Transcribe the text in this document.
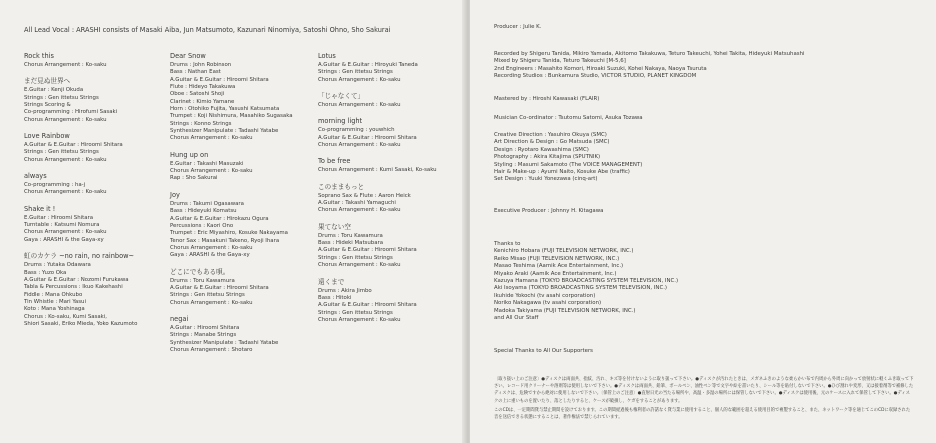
All Lead Vocal : ARASHI consists of Masaki Aiba, Jun Matsumoto, Kazunari Ninomiya, Satoshi Ohno, Sho Sakurai
Rock this
Chorus Arrangement : Ko-saku
まだ見ぬ世界へ
E.Guitar : Kenji Okuda
Strings : Gen ittetsu Strings
Strings Scoring &
Co-programming : Hirofumi Sasaki
Chorus Arrangement : Ko-saku
Love Rainbow
A.Guitar & E.Guitar : Hiroomi Shitara
Strings : Gen ittetsu Strings
Chorus Arrangement : Ko-saku
always
Co-programming : ha-j
Chorus Arrangement : Ko-saku
Shake it !
E.Guitar : Hiroomi Shitara
Turntable : Katsumi Nomura
Chorus Arrangement : Ko-saku
Gaya : ARASHI & the Gaya-xy
虹のカケラ ~no rain, no rainbow~
Drums : Yutaka Odawara
Bass : Yuzo Oka
A.Guitar & E.Guitar : Nozomi Furukawa
Tabla & Percussions : Ikuo Kakehashi
Fiddle : Mana Ohkubo
Tin Whistle : Mari Yasui
Koto : Mana Yoshinaga
Chorus : Ko-saku, Kumi Sasaki,
Shiori Sasaki, Eriko Mieda, Yoko Kazumoto
Dear Snow
Drums : John Robinson
Bass : Nathan East
A.Guitar & E.Guitar : Hiroomi Shitara
Flute : Hideyo Takakuwa
Oboe : Satoshi Shoji
Clarinet : Kimio Yamane
Horn : Otohiko Fujita, Yasushi Katsumata
Trumpet : Koji Nishimura, Masahiko Sugasaka
Strings : Konno Strings
Synthesizer Manipulate : Tadashi Yatabe
Chorus Arrangement : Ko-saku
Hung up on
E.Guitar : Takashi Masuzaki
Chorus Arrangement : Ko-saku
Rap : Sho Sakurai
Joy
Drums : Takumi Ogasawara
Bass : Hideyuki Komatsu
A.Guitar & E.Guitar : Hirokazu Ogura
Percussions : Kaori Ono
Trumpet : Eric Miyashiro, Kosuke Nakayama
Tenor Sax : Masakuni Takeno, Ryoji Ihara
Chorus Arrangement : Ko-saku
Gaya : ARASHI & the Gaya-xy
どこにでもある唄。
Drums : Toru Kawamura
A.Guitar & E.Guitar : Hiroomi Shitara
Strings : Gen ittetsu Strings
Chorus Arrangement : Ko-saku
negai
A.Guitar : Hiroomi Shitara
Strings : Manabe Strings
Synthesizer Manipulate : Tadashi Yatabe
Chorus Arrangement : Shotaro
Lotus
A.Guitar & E.Guitar : Hiroyuki Taneda
Strings : Gen ittetsu Strings
Chorus Arrangement : Ko-saku
「じゃなくて」
Chorus Arrangement : Ko-saku
morning light
Co-programming : youwhich
A.Guitar & E.Guitar : Hiroomi Shitara
Chorus Arrangement : Ko-saku
To be free
Chorus Arrangement : Kumi Sasaki, Ko-saku
このままもっと
Soprano Sax & Flute : Aaron Heick
A.Guitar : Takashi Yamaguchi
Chorus Arrangement : Ko-saku
果てない空
Drums : Toru Kawamura
Bass : Hideki Matsubara
A.Guitar & E.Guitar : Hiroomi Shitara
Strings : Gen ittetsu Strings
Chorus Arrangement : Ko-saku
遠くまで
Drums : Akira Jimbo
Bass : Hitoki
A.Guitar & E.Guitar : Hiroomi Shitara
Strings : Gen ittetsu Strings
Chorus Arrangement : Ko-saku
Producer : Julie K.
Recorded by Shigeru Tanida, Mikiro Yamada, Akitomo Takakuwa, Teturo Takeuchi, Yohei Takita, Hideyuki Matsuhashi
Mixed by Shigeru Tanida, Teturo Takeuchi [M-5,6]
2nd Engineers : Masahito Komori, Hiroaki Suzuki, Kohei Nakaya, Naoya Tsuruta
Recording Studios : Bunkamura Studio, VICTOR STUDIO, PLANET KINGDOM
Mastered by : Hiroshi Kawasaki (FLAIR)
Musician Co-ordinator : Tsutomu Satomi, Asuka Tozawa
Creative Direction : Yasuhiro Okuya (SMC)
Art Direction & Design : Go Matsuda (SMC)
Design : Ryotaro Kawashima (SMC)
Photography : Akira Kitajima (SPUTNIK)
Styling : Masumi Sakamoto (The VOICE MANAGEMENT)
Hair & Make-up : Ayumi Naito, Kosuke Abe (traffic)
Set Design : Yuuki Yonezawa (cinq-art)
Executive Producer : Johnny H. Kitagawa
Thanks to
Kenichiro Hobara (FUJI TELEVISION NETWORK, INC.)
Reiko Misao (FUJI TELEVISION NETWORK, INC.)
Masao Teshima (Aamik Ace Entertainment, Inc.)
Miyako Araki (Aamik Ace Entertainment, Inc.)
Kazuya Hamana (TOKYO BROADCASTING SYSTEM TELEVISION, INC.)
Aki Isoyama (TOKYO BROADCASTING SYSTEM TELEVISION, INC.)
Ikuhide Yokochi (tv asahi corporation)
Noriko Nakagawa (tv asahi corporation)
Madoka Takiyama (FUJI TELEVISION NETWORK, INC.)
and All Our Staff
Special Thanks to All Our Supporters
〔取り扱い上のご注意〕●ディスクは両面共、指紋、汚れ、キズ等を付けないように取り扱って下さい。●ディスクが汚れたときは、メガネふきのような柔らかい布で内周から外周に向かって放射状に軽くふき取って下さい。レコード用クリーナーや溶剤等は使用しないで下さい。●ディスクは両面共、鉛筆、ボールペン、油性ペン等で文字や絵を書いたり、シール等を貼付しないで下さい。●ひび割れや変形、又は接着剤等で補修したディスクは、危険ですから絶対に使用しないで下さい。〔保管上のご注意〕●直射日光の当たる場所や、高温・多湿の場所には保管しないで下さい。●ディスクは使用後、元のケースに入れて保管して下さい。●ディスクの上に重いものを置いたり、落としたりすると、ケースが破損し、ケガをすることがあります。
このCDは、一定期間貸与禁止期間を設けております。この期間経過後も権利者の許諾なく貸与業に使用すること、個人的な範囲を超える使用目的で複製すること、また、ネットワーク等を通じてこのCDに収録された音を送信できる状態にすることは、著作権法で禁じられています。
